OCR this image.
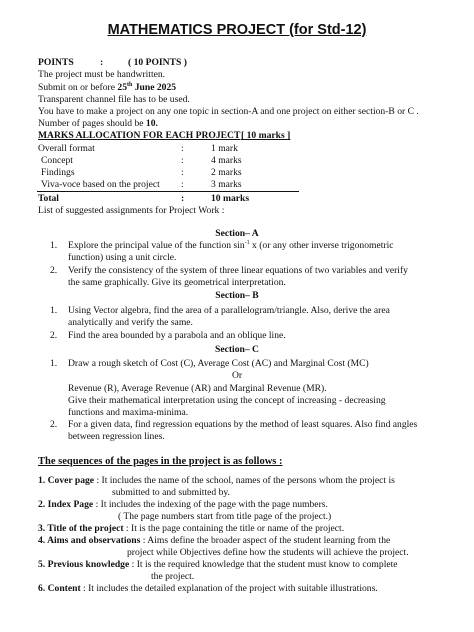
MATHEMATICS PROJECT (for Std-12)
POINTS	:	( 10 POINTS )
The project must be handwritten.
Submit on or before 25th June 2025
Transparent channel file has to be used.
You have to make a project on any one topic in section-A and one project on either section-B or C .
Number of pages should be 10.
MARKS ALLOCATION FOR EACH PROJECT [ 10 marks ]
Overall format	:	1 mark
Concept	:	4 marks
Findings	:	2 marks
Viva-voce based on the project :	3 marks
Total	:	10 marks
List of suggested assignments for Project Work :
Section– A
1. Explore the principal value of the function $\sin^{-1} x$ (or any other inverse trigonometric
function) using a unit circle.
2. Verify the consistency of the system of three linear equations of two variables and verify
the same graphically. Give its geometrical interpretation.
Section– B
1. Using Vector algebra, find the area of a parallelogram/triangle. Also, derive the area
analytically and verify the same.
2. Find the area bounded by a parabola and an oblique line.
Section– C
1. Draw a rough sketch of Cost (C), Average Cost (AC) and Marginal Cost (MC)
Or
Revenue (R), Average Revenue (AR) and Marginal Revenue (MR).
Give their mathematical interpretation using the concept of increasing - decreasing
functions and maxima-minima.
2. For a given data, find regression equations by the method of least squares. Also find angles
between regression lines.
The sequences of the pages in the project is as follows :
1. Cover page : It includes the name of the school, names of the persons whom the project is
submitted to and submitted by.
2. Index Page : It includes the indexing of the page with the page numbers.
( The page numbers start from title page of the project.)
3. Title of the project : It is the page containing the title or name of the project.
4. Aims and observations : Aims define the broader aspect of the student learning from the
project while Objectives define how the students will achieve the project.
5. Previous knowledge : It is the required knowledge that the student must know to complete
the project.
6. Content : It includes the detailed explanation of the project with suitable illustrations.
